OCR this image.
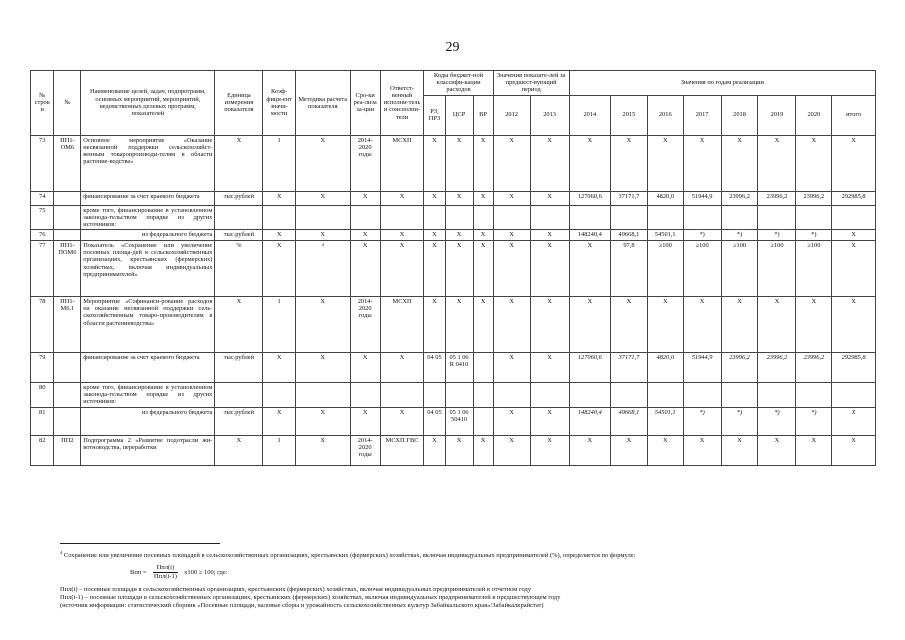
29
№ строки	№	Наименование целей, задач, подпрограмм, основных мероприятий, мероприятий, ведомственных целевых программ, показателей	Единица измерения показателя	Коэф-фици-ент значи-мости	Методика расчета показателя	Сро-ки реа-лиза за-ции	Ответст-венный исполни-тель и соисполни-тели	Коды бюджет-ной классифи-кации расходов			Значения показате-лей за предшест-вующий период		Значения по годам реализации							
								РЗ, ПРЗ	ЦСР	ВР	2012	2013	2014	2015	2016	2017	2018	2019	2020	итого
73	ПП1-ОМ6	Основное мероприятие «Оказание несвязанной поддержки сельскохозяйст-венным товаропроизводи-телям в области растение-водства»	Х	1	Х	2014-2020 годы	МСХП	Х	Х	Х	Х	Х	Х	Х	Х	Х	Х	Х	Х	Х
74		финансирование за счет краевого бюджета	тыс.рублей	Х	Х	Х	Х	Х	Х	Х	Х	Х	127060,6	37171,7	4820,0	51944,9	23996,2	23996,2	23996,2	292985,8
75		кроме того, финансирование в установленном законода-тельством порядке из других источников:																		
76		из федерального бюджета	тыс.рублей	Х	Х	Х	Х	Х	Х	Х	Х	Х	148240,4	49668,1	54501,1	*)	*)	*)	*)	Х
77	ПП1-ПОМ6	Показатель «Сохранение или увеличение посевных площа-дей в сельскохозяйственных организациях, крестьянских (фермерских) хозяйствах, включая индивидуальных предпринимателей»	%	Х	4	Х	Х	Х	Х	Х	Х	Х	Х	97,8	≥100	≥100	≥100	≥100	≥100	Х
78	ПП1-М6.1	Мероприятие «Софинанси-рование расходов на оказание несвязанной поддержки сель-скохозяйственным товаро-производителям в области растениеводства»	Х	1	Х	2014-2020 годы	МСХП	Х	Х	Х	Х	Х	Х	Х	Х	Х	Х	Х	Х	Х
79		финансирование за счет краевого бюджета	тыс.рублей	Х	Х	Х	Х	04 05	05 1 06 R 0410		Х	Х	127060,6	37171,7	4820,0	51944,9	23996,2	23996,2	23996,2	292985,8
80		кроме того, финансирование в установленном законода-тельством порядке из других источников:																		
81		из федерального бюджета	тыс.рублей	Х	Х	Х	Х	04 05	05 1 06 50410		Х	Х	148240,4	49668,1	54501,1	*)	*)	*)	*)	Х
82	ПП2	Подпрограмма 2 «Развитие подотрасли жи-вотноводства, переработки	Х	1	Х	2014-2020 годы	МСХП ГВС	Х	Х	Х	Х	Х	Х	Х	Х	Х	Х	Х	Х	Х
$^4$ Сохранение или увеличение посевных площадей в сельскохозяйственных организациях, крестьянских (фермерских) хозяйствах, включая индивидуальных предпринимателей (%), определяется по формуле:
Впп = $\frac{\text{Ппл(i)}}{\text{Ппл(i-1)}} х100 \ge 100$; где:
Ппл(i) – посевные площади в сельскохозяйственных организациях, крестьянских (фермерских) хозяйствах, включая индивидуальных предпринимателей в отчетном году
Ппл(i-1) – посевные площади в сельскохозяйственных организациях, крестьянских (фермерских) хозяйствах, включая индивидуальных предпринимателей в предшествующем году
(источник информации: статистический сборник «Посевные площади, валовые сборы и урожайность сельскохозяйственных культур Забайкальского края»/Забайкалкрайстат)
